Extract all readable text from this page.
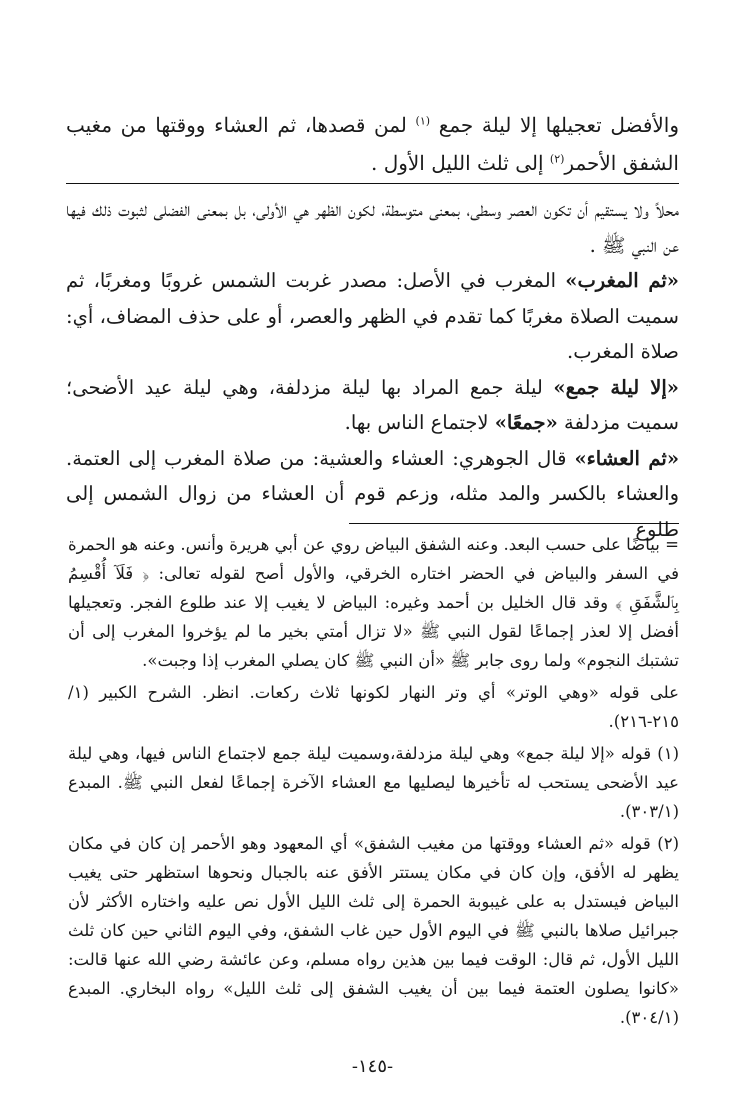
والأفضل تعجيلها إلا ليلة جمع $^{(١)}$ لمن قصدها، ثم العشاء ووقتها من مغيب الشفق الأحمر$^{(٢)}$ إلى ثلث الليل الأول .

محلاً ولا يستقيم أن تكون العصر وسطى، بمعنى متوسطة، لكون الظهر هي الأولى، بل بمعنى الفضلى لثبوت ذلك فيها عن النبي ﷺ .

«ثم المغرب» المغرب في الأصل: مصدر غربت الشمس غروبًا ومغربًا، ثم سميت الصلاة مغربًا كما تقدم في الظهر والعصر، أو على حذف المضاف، أي: صلاة المغرب.

«إلا ليلة جمع» ليلة جمع المراد بها ليلة مزدلفة، وهي ليلة عيد الأضحى؛ سميت مزدلفة «جمعًا» لاجتماع الناس بها.

«ثم العشاء» قال الجوهري: العشاء والعشية: من صلاة المغرب إلى العتمة. والعشاء بالكسر والمد مثله، وزعم قوم أن العشاء من زوال الشمس إلى طلوع

= بياضًا على حسب البعد. وعنه الشفق البياض روي عن أبي هريرة وأنس. وعنه هو الحمرة في السفر والبياض في الحضر اختاره الخرقي، والأول أصح لقوله تعالى: ﴿ فَلَآ أُقْسِمُ بِٱلشَّفَقِ ﴾ وقد قال الخليل بن أحمد وغيره: البياض لا يغيب إلا عند طلوع الفجر. وتعجيلها أفضل إلا لعذر إجماعًا لقول النبي ﷺ «لا تزال أمتي بخير ما لم يؤخروا المغرب إلى أن تشتبك النجوم» ولما روى جابر ﷺ «أن النبي ﷺ كان يصلي المغرب إذا وجبت».

على قوله «وهي الوتر» أي وتر النهار لكونها ثلاث ركعات. انظر. الشرح الكبير (١/ ٢١٥-٢١٦).

(١) قوله «إلا ليلة جمع» وهي ليلة مزدلفة،وسميت ليلة جمع لاجتماع الناس فيها، وهي ليلة عيد الأضحى يستحب له تأخيرها ليصليها مع العشاء الآخرة إجماعًا لفعل النبي ﷺ. المبدع (٣٠٣/١).

(٢) قوله «ثم العشاء ووقتها من مغيب الشفق» أي المعهود وهو الأحمر إن كان في مكان يظهر له الأفق، وإن كان في مكان يستتر الأفق عنه بالجبال ونحوها استظهر حتى يغيب البياض فيستدل به على غيبوبة الحمرة إلى ثلث الليل الأول نص عليه واختاره الأكثر لأن جبرائيل صلاها بالنبي ﷺ في اليوم الأول حين غاب الشفق، وفي اليوم الثاني حين كان ثلث الليل الأول، ثم قال: الوقت فيما بين هذين رواه مسلم، وعن عائشة رضي الله عنها قالت: «كانوا يصلون العتمة فيما بين أن يغيب الشفق إلى ثلث الليل» رواه البخاري. المبدع (٣٠٤/١).

-١٤٥-
